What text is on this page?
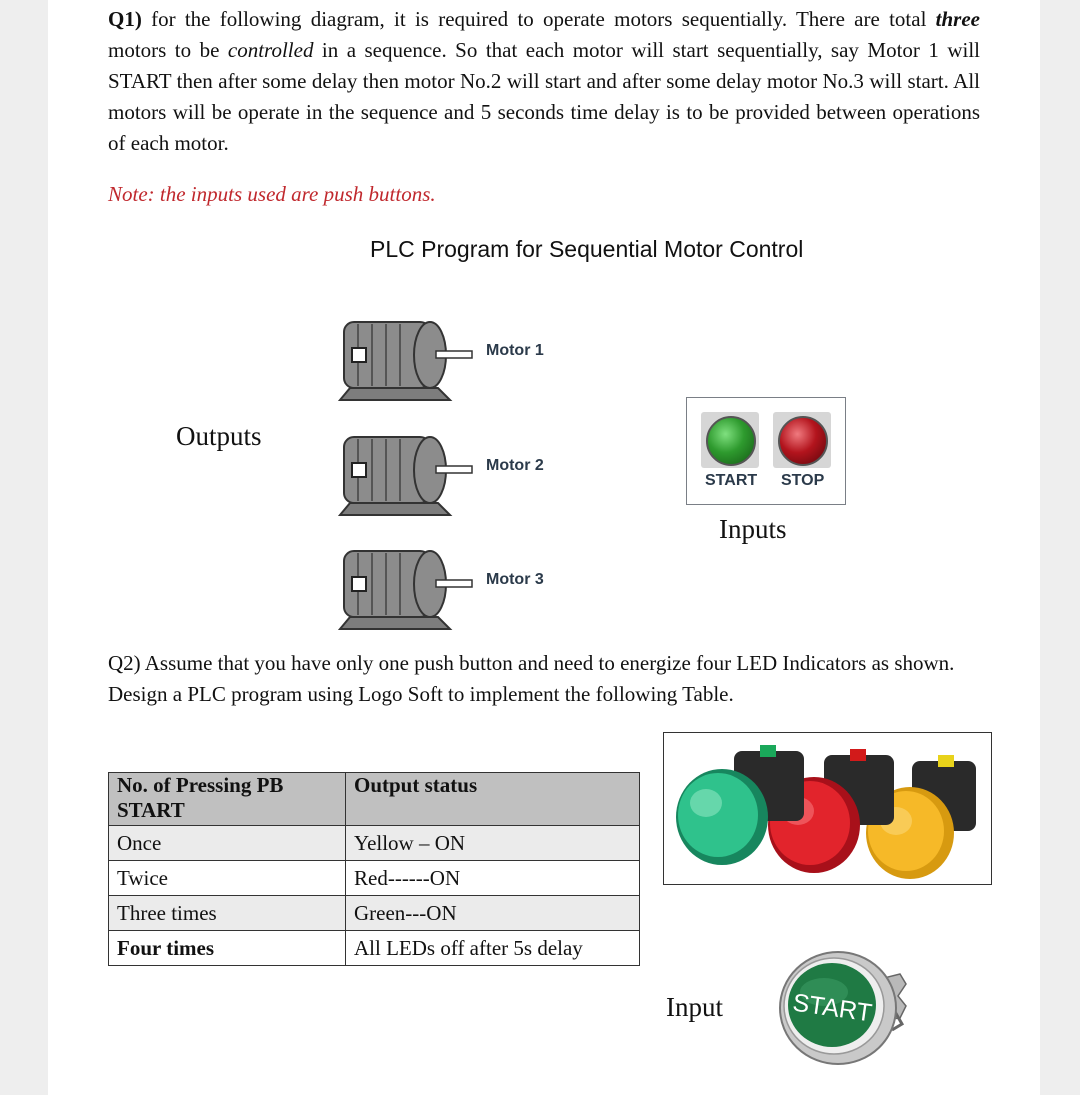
Q1) for the following diagram, it is required to operate motors sequentially. There are total three motors to be controlled in a sequence. So that each motor will start sequentially, say Motor 1 will START then after some delay then motor No.2 will start and after some delay motor No.3 will start. All motors will be operate in the sequence and 5 seconds time delay is to be provided between operations of each motor.
Note: the inputs used are push buttons.
PLC Program for Sequential Motor Control
Outputs
Motor 1
Motor 2
Motor 3
START STOP
Inputs
Q2) Assume that you have only one push button and need to energize four LED Indicators as shown. Design a PLC program using Logo Soft to implement the following Table.
No. of Pressing PB START	Output status
Once	Yellow – ON
Twice	Red------ON
Three times	Green---ON
Four times	All LEDs off after 5s delay
Input	START
